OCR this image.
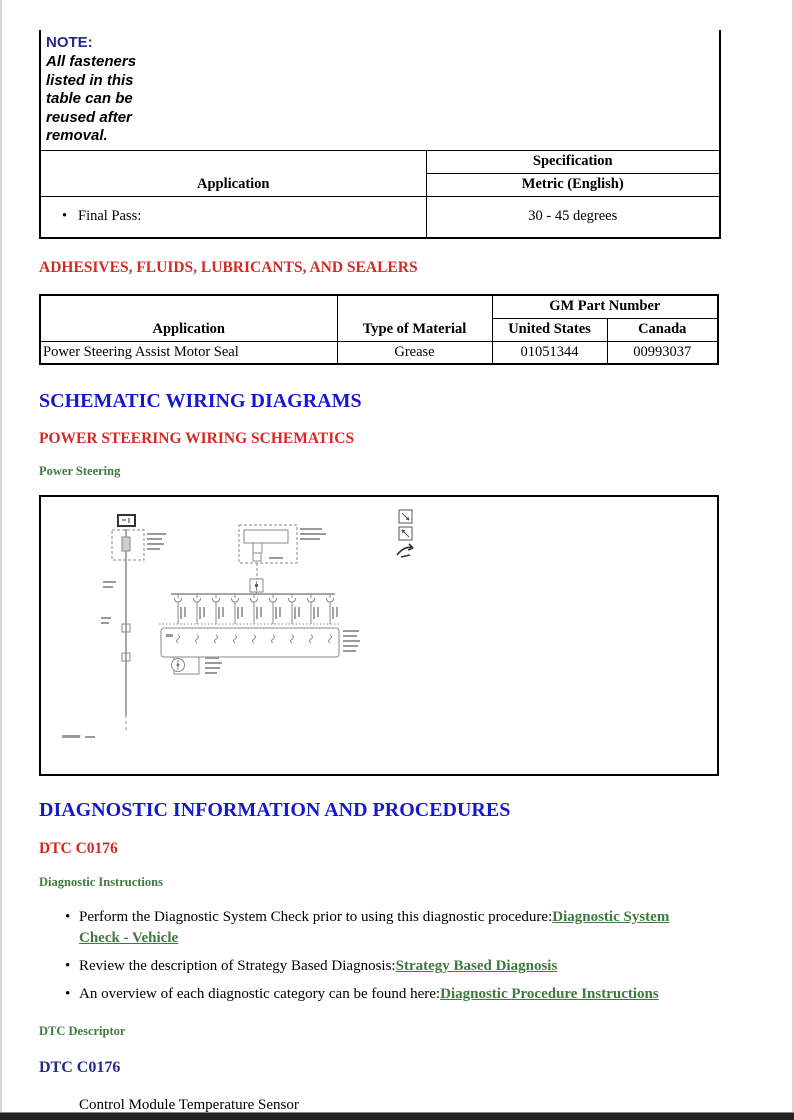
NOTE:
All fasteners listed in this table can be reused after removal.	

Application	Specification
	Metric (English)
• Final Pass:	30 - 45 degrees
ADHESIVES, FLUIDS, LUBRICANTS, AND SEALERS
Application	Type of Material	GM Part Number	
		United States	Canada
Power Steering Assist Motor Seal	Grease	01051344	00993037
SCHEMATIC WIRING DIAGRAMS
POWER STEERING WIRING SCHEMATICS
Power Steering
DIAGNOSTIC INFORMATION AND PROCEDURES
DTC C0176
Diagnostic Instructions
• Perform the Diagnostic System Check prior to using this diagnostic procedure:Diagnostic System Check - Vehicle
• Review the description of Strategy Based Diagnosis:Strategy Based Diagnosis
• An overview of each diagnostic category can be found here:Diagnostic Procedure Instructions
DTC Descriptor
DTC C0176
Control Module Temperature Sensor
